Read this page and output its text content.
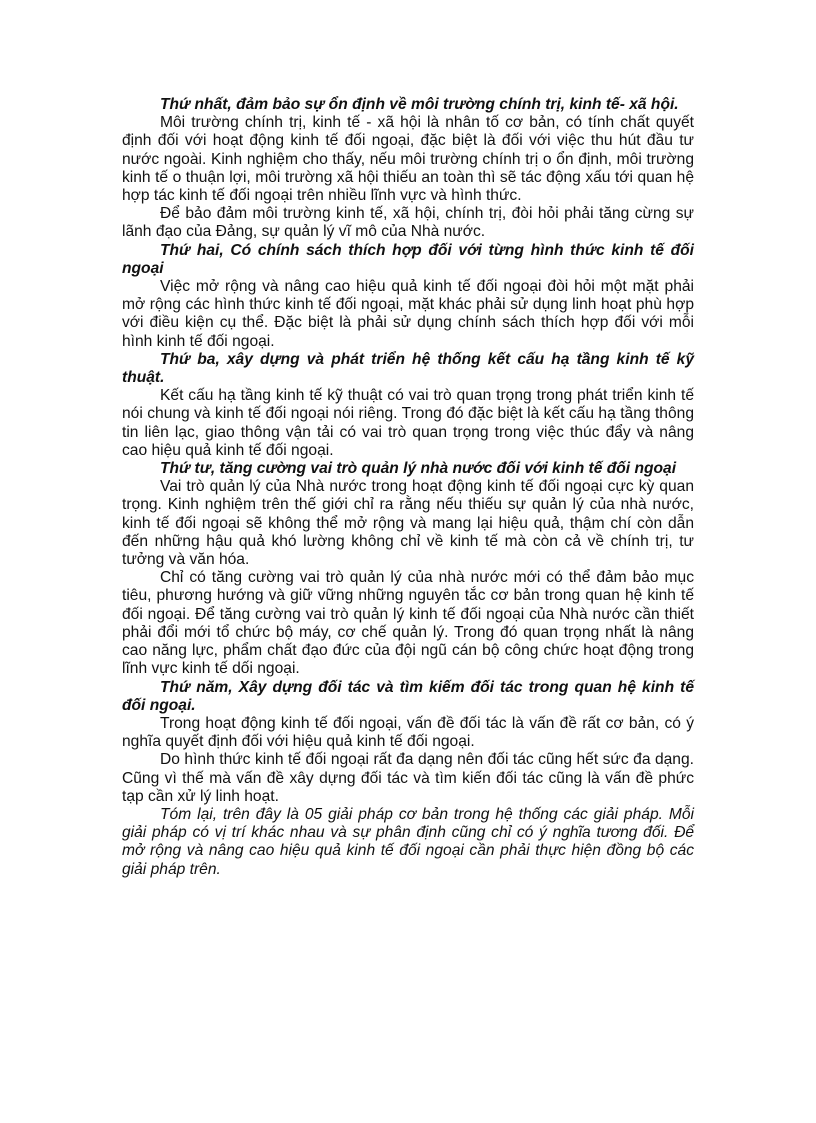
Thứ nhất, đảm bảo sự ổn định về môi trường chính trị, kinh tế- xã hội.

Môi trường chính trị, kinh tế - xã hội là nhân tố cơ bản, có tính chất quyết định đối với hoạt động kinh tế đối ngoại, đặc biệt là đối với việc thu hút đầu tư nước ngoài. Kinh nghiệm cho thấy, nếu môi trường chính trị o ổn định, môi trường kinh tế o thuận lợi, môi trường xã hội thiếu an toàn thì sẽ tác động xấu tới quan hệ hợp tác kinh tế đối ngoại trên nhiều lĩnh vực và hình thức.

Để bảo đảm môi trường kinh tế, xã hội, chính trị, đòi hỏi phải tăng cừng sự lãnh đạo của Đảng, sự quản lý vĩ mô của Nhà nước.

Thứ hai, Có chính sách thích hợp đối với từng hình thức kinh tế đối ngoại

Việc mở rộng và nâng cao hiệu quả kinh tế đối ngoại đòi hỏi một mặt phải mở rộng các hình thức kinh tế đối ngoại, mặt khác phải sử dụng linh hoạt phù hợp với điều kiện cụ thể. Đặc biệt là phải sử dụng chính sách thích hợp đối với mỗi hình kinh tế đối ngoại.

Thứ ba, xây dựng và phát triển hệ thống kết cấu hạ tầng kinh tế kỹ thuật.

Kết cấu hạ tầng kinh tế kỹ thuật có vai trò quan trọng trong phát triển kinh tế nói chung và kinh tế đối ngoại nói riêng. Trong đó đặc biệt là kết cấu hạ tầng thông tin liên lạc, giao thông vận tải có vai trò quan trọng trong việc thúc đẩy và nâng cao hiệu quả kinh tế đối ngoại.

Thứ tư, tăng cường vai trò quản lý nhà nước đối với kinh tế đối ngoại

Vai trò quản lý của Nhà nước trong hoạt động kinh tế đối ngoại cực kỳ quan trọng. Kinh nghiệm trên thế giới chỉ ra rằng nếu thiếu sự quản lý của nhà nước, kinh tế đối ngoại sẽ không thể mở rộng và mang lại hiệu quả, thậm chí còn dẫn đến những hậu quả khó lường không chỉ về kinh tế mà còn cả về chính trị, tư tưởng và văn hóa.

Chỉ có tăng cường vai trò quản lý của nhà nước mới có thể đảm bảo mục tiêu, phương hướng và giữ vững những nguyên tắc cơ bản trong quan hệ kinh tế đối ngoại. Để tăng cường vai trò quản lý kinh tế đối ngoại của Nhà nước cần thiết phải đổi mới tổ chức bộ máy, cơ chế quản lý. Trong đó quan trọng nhất là nâng cao năng lực, phẩm chất đạo đức của đội ngũ cán bộ công chức hoạt động trong lĩnh vực kinh tế dối ngoại.

Thứ năm, Xây dựng đối tác và tìm kiếm đối tác trong quan hệ kinh tế đối ngoại.

Trong hoạt động kinh tế đối ngoại, vấn đề đối tác là vấn đề rất cơ bản, có ý nghĩa quyết định đối với hiệu quả kinh tế đối ngoại.

Do hình thức kinh tế đối ngoại rất đa dạng nên đối tác cũng hết sức đa dạng. Cũng vì thế mà vấn đề xây dựng đối tác và tìm kiến đối tác cũng là vấn đề phức tạp cần xử lý linh hoạt.

Tóm lại, trên đây là 05 giải pháp cơ bản trong hệ thống các giải pháp. Mỗi giải pháp có vị trí khác nhau và sự phân định cũng chỉ có ý nghĩa tương đối. Để mở rộng và nâng cao hiệu quả kinh tế đối ngoại cần phải thực hiện đồng bộ các giải pháp trên.
